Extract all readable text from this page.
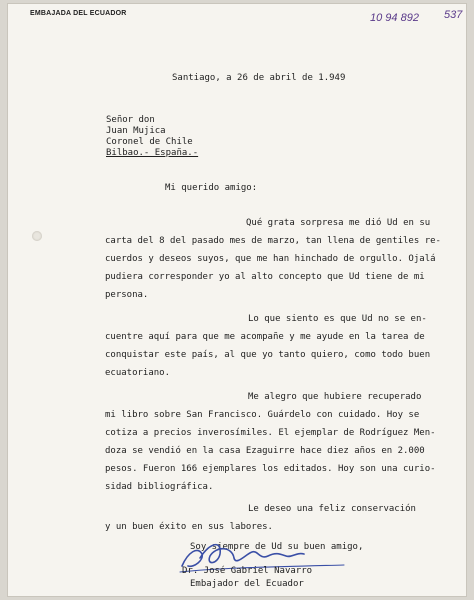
EMBAJADA DEL ECUADOR	10 94 892 537
Santiago, a 26 de abril de 1.949
Señor don
Juan Mujica
Coronel de Chile
Bilbao.- España.-
Mi querido amigo:
Qué grata sorpresa me dió Ud en su
carta del 8 del pasado mes de marzo, tan llena de gentiles re-
cuerdos y deseos suyos, que me han hinchado de orgullo. Ojalá
pudiera corresponder yo al alto concepto que Ud tiene de mi
persona.
Lo que siento es que Ud no se en-
cuentre aquí para que me acompañe y me ayude en la tarea de
conquistar este país, al que yo tanto quiero, como todo buen
ecuatoriano.
Me alegro que hubiere recuperado
mi libro sobre San Francisco. Guárdelo con cuidado. Hoy se
cotiza a precios inverosímiles. El ejemplar de Rodríguez Men-
doza se vendió en la casa Ezaguirre hace diez años en 2.000
pesos. Fueron 166 ejemplares los editados. Hoy son una curio-
sidad bibliográfica.
Le deseo una feliz conservación
y un buen éxito en sus labores.
Soy siempre de Ud su buen amigo,
Dr. José Gabriel Navarro
Embajador del Ecuador
